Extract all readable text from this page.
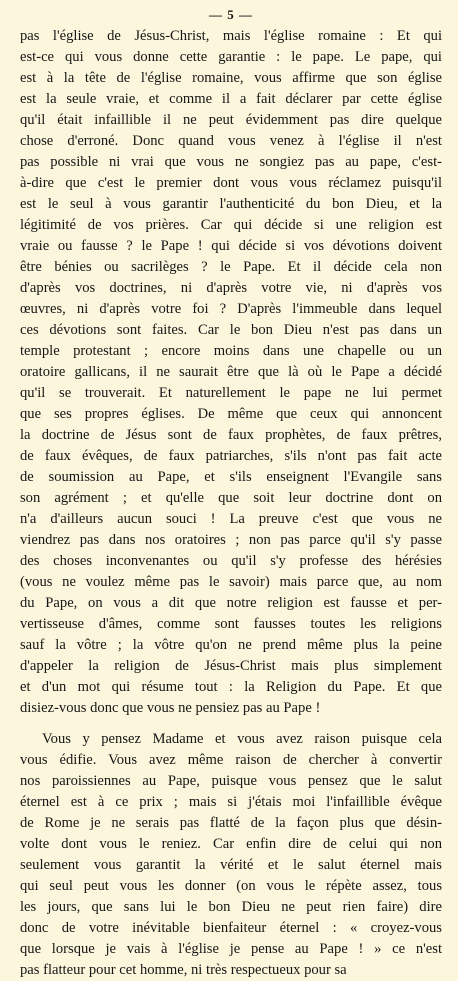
— 5 —
pas l'église de Jésus-Christ, mais l'église romaine : Et qui
est-ce qui vous donne cette garantie : le pape. Le pape, qui
est à la tête de l'église romaine, vous affirme que son église
est la seule vraie, et comme il a fait déclarer par cette église
qu'il était infaillible il ne peut évidemment pas dire quelque
chose d'erroné. Donc quand vous venez à l'église il n'est
pas possible ni vrai que vous ne songiez pas au pape, c'est-
à-dire que c'est le premier dont vous vous réclamez puisqu'il
est le seul à vous garantir l'authenticité du bon Dieu, et la
légitimité de vos prières. Car qui décide si une religion est
vraie ou fausse ? le Pape ! qui décide si vos dévotions doivent
être bénies ou sacrilèges ? le Pape. Et il décide cela non
d'après vos doctrines, ni d'après votre vie, ni d'après vos
œuvres, ni d'après votre foi ? D'après l'immeuble dans lequel
ces dévotions sont faites. Car le bon Dieu n'est pas dans un
temple protestant ; encore moins dans une chapelle ou un
oratoire gallicans, il ne saurait être que là où le Pape a décidé
qu'il se trouverait. Et naturellement le pape ne lui permet
que ses propres églises. De même que ceux qui annoncent
la doctrine de Jésus sont de faux prophètes, de faux prêtres,
de faux évêques, de faux patriarches, s'ils n'ont pas fait acte
de soumission au Pape, et s'ils enseignent l'Evangile sans
son agrément ; et qu'elle que soit leur doctrine dont on
n'a d'ailleurs aucun souci ! La preuve c'est que vous ne
viendrez pas dans nos oratoires ; non pas parce qu'il s'y passe
des choses inconvenantes ou qu'il s'y professe des hérésies
(vous ne voulez même pas le savoir) mais parce que, au nom
du Pape, on vous a dit que notre religion est fausse et per-
vertisseuse d'âmes, comme sont fausses toutes les religions
sauf la vôtre ; la vôtre qu'on ne prend même plus la peine
d'appeler la religion de Jésus-Christ mais plus simplement
et d'un mot qui résume tout : la Religion du Pape. Et que
disiez-vous donc que vous ne pensiez pas au Pape !
Vous y pensez Madame et vous avez raison puisque cela
vous édifie. Vous avez même raison de chercher à convertir
nos paroissiennes au Pape, puisque vous pensez que le salut
éternel est à ce prix ; mais si j'étais moi l'infaillible évêque
de Rome je ne serais pas flatté de la façon plus que désin-
volte dont vous le reniez. Car enfin dire de celui qui non
seulement vous garantit la vérité et le salut éternel mais
qui seul peut vous les donner (on vous le répète assez, tous
les jours, que sans lui le bon Dieu ne peut rien faire) dire
donc de votre inévitable bienfaiteur éternel : « croyez-vous
que lorsque je vais à l'église je pense au Pape ! » ce n'est
pas flatteur pour cet homme, ni très respectueux pour sa
